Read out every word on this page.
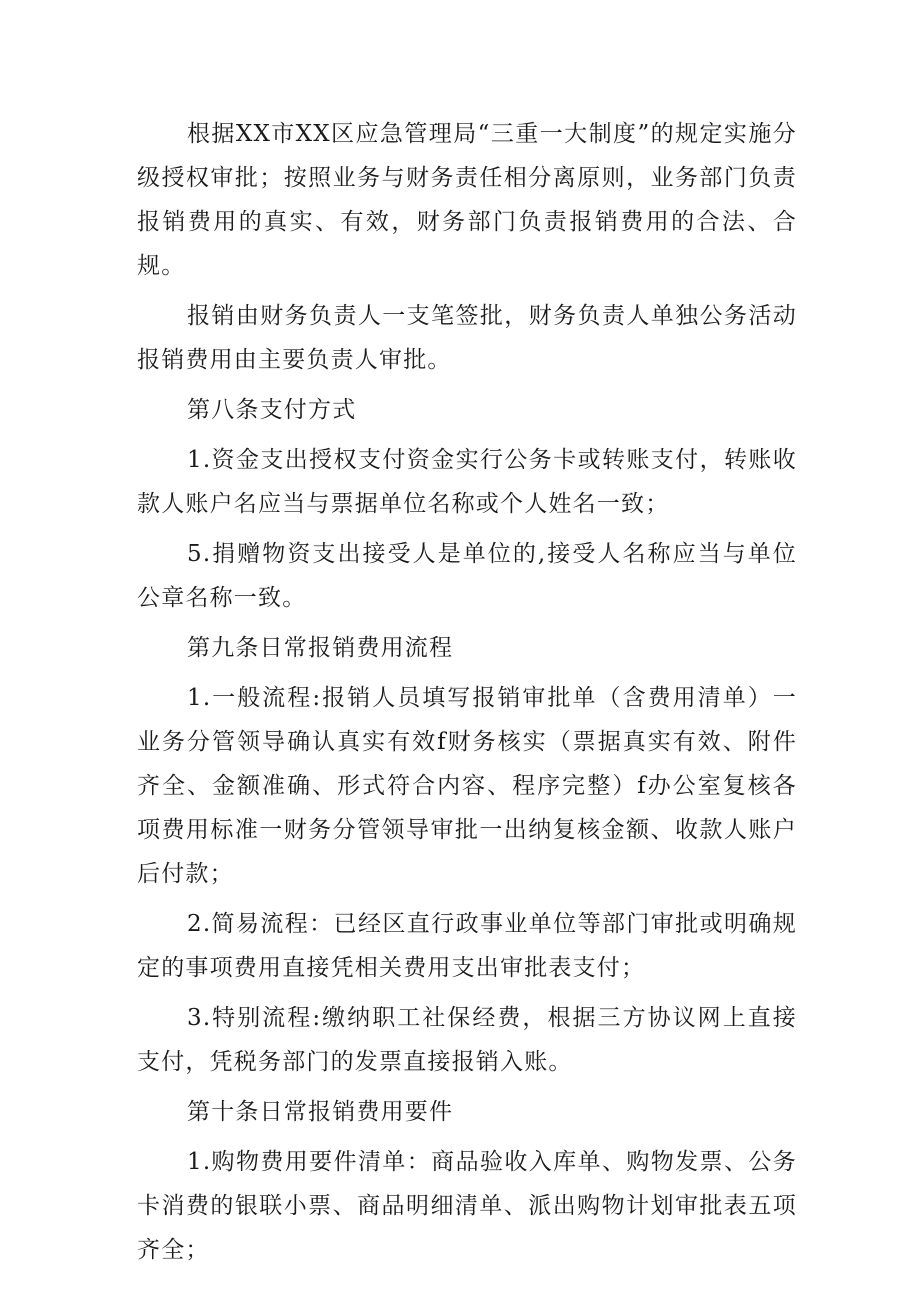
根据XX市XX区应急管理局“三重一大制度”的规定实施分级授权审批；按照业务与财务责任相分离原则，业务部门负责报销费用的真实、有效，财务部门负责报销费用的合法、合规。

报销由财务负责人一支笔签批，财务负责人单独公务活动报销费用由主要负责人审批。

第八条支付方式

1.资金支出授权支付资金实行公务卡或转账支付，转账收款人账户名应当与票据单位名称或个人姓名一致；

5.捐赠物资支出接受人是单位的,接受人名称应当与单位公章名称一致。

第九条日常报销费用流程

1.一般流程:报销人员填写报销审批单（含费用清单）一业务分管领导确认真实有效f财务核实（票据真实有效、附件齐全、金额准确、形式符合内容、程序完整）f办公室复核各项费用标准一财务分管领导审批一出纳复核金额、收款人账户后付款；

2.简易流程：已经区直行政事业单位等部门审批或明确规定的事项费用直接凭相关费用支出审批表支付；

3.特别流程:缴纳职工社保经费，根据三方协议网上直接支付，凭税务部门的发票直接报销入账。

第十条日常报销费用要件

1.购物费用要件清单：商品验收入库单、购物发票、公务卡消费的银联小票、商品明细清单、派出购物计划审批表五项齐全；
